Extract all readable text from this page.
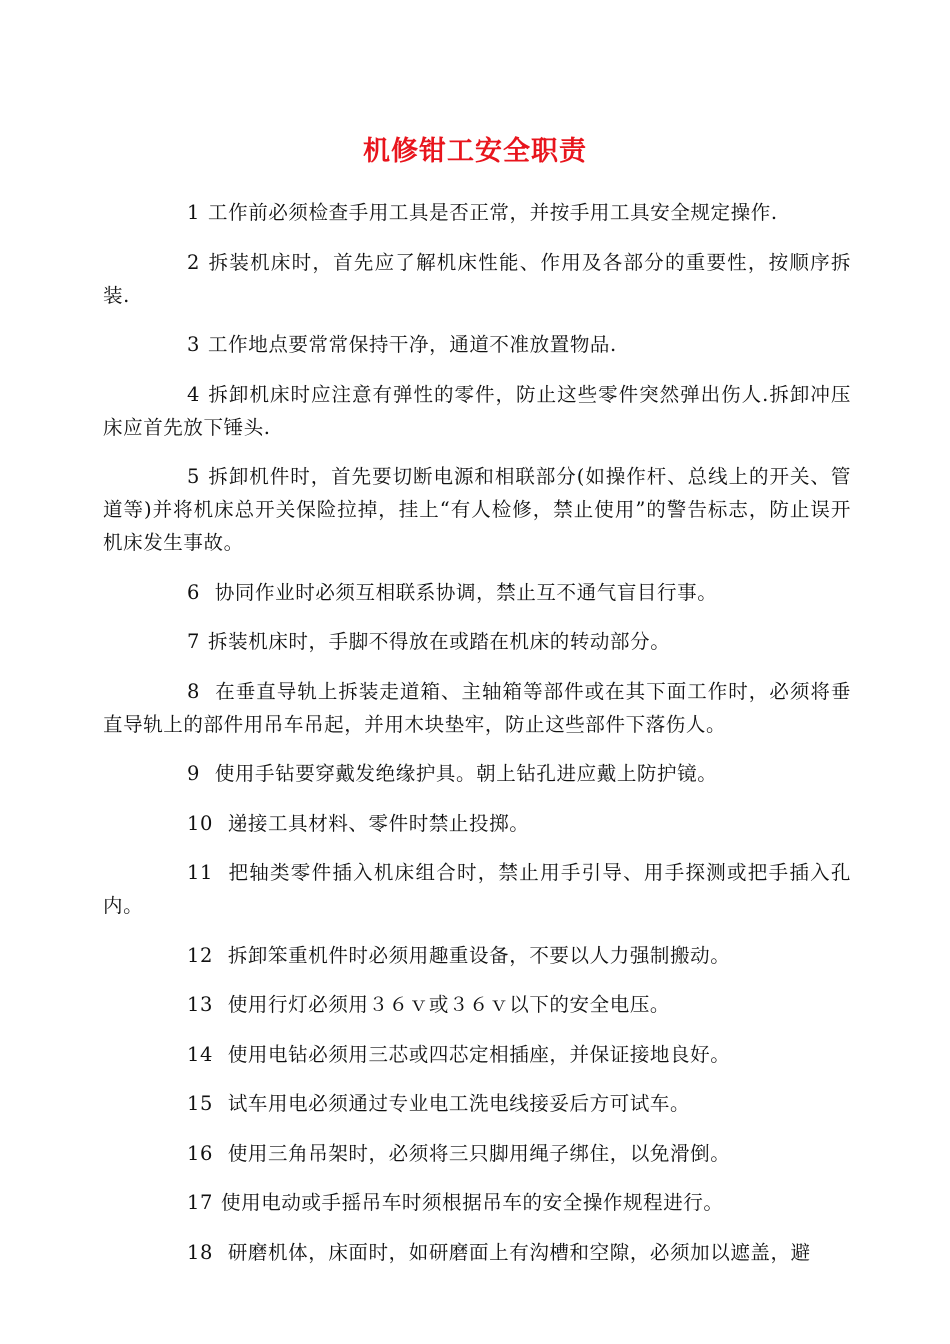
机修钳工安全职责

1 工作前必须检查手用工具是否正常，并按手用工具安全规定操作.

2 拆装机床时，首先应了解机床性能、作用及各部分的重要性，按顺序拆装.

3 工作地点要常常保持干净，通道不准放置物品.

4 拆卸机床时应注意有弹性的零件，防止这些零件突然弹出伤人.拆卸冲压床应首先放下锤头.

5 拆卸机件时，首先要切断电源和相联部分(如操作杆、总线上的开关、管道等)并将机床总开关保险拉掉，挂上“有人检修，禁止使用”的警告标志，防止误开机床发生事故。

6 协同作业时必须互相联系协调，禁止互不通气盲目行事。

7 拆装机床时，手脚不得放在或踏在机床的转动部分。

8 在垂直导轨上拆装走道箱、主轴箱等部件或在其下面工作时，必须将垂直导轨上的部件用吊车吊起，并用木块垫牢，防止这些部件下落伤人。

9 使用手钻要穿戴发绝缘护具。朝上钻孔进应戴上防护镜。

10 递接工具材料、零件时禁止投掷。

11 把轴类零件插入机床组合时，禁止用手引导、用手探测或把手插入孔内。

12 拆卸笨重机件时必须用趣重设备，不要以人力强制搬动。

13 使用行灯必须用３６ｖ或３６ｖ以下的安全电压。

14 使用电钻必须用三芯或四芯定相插座，并保证接地良好。

15 试车用电必须通过专业电工洗电线接妥后方可试车。

16 使用三角吊架时，必须将三只脚用绳子绑住，以免滑倒。

17 使用电动或手摇吊车时须根据吊车的安全操作规程进行。

18 研磨机体，床面时，如研磨面上有沟槽和空隙，必须加以遮盖，避
